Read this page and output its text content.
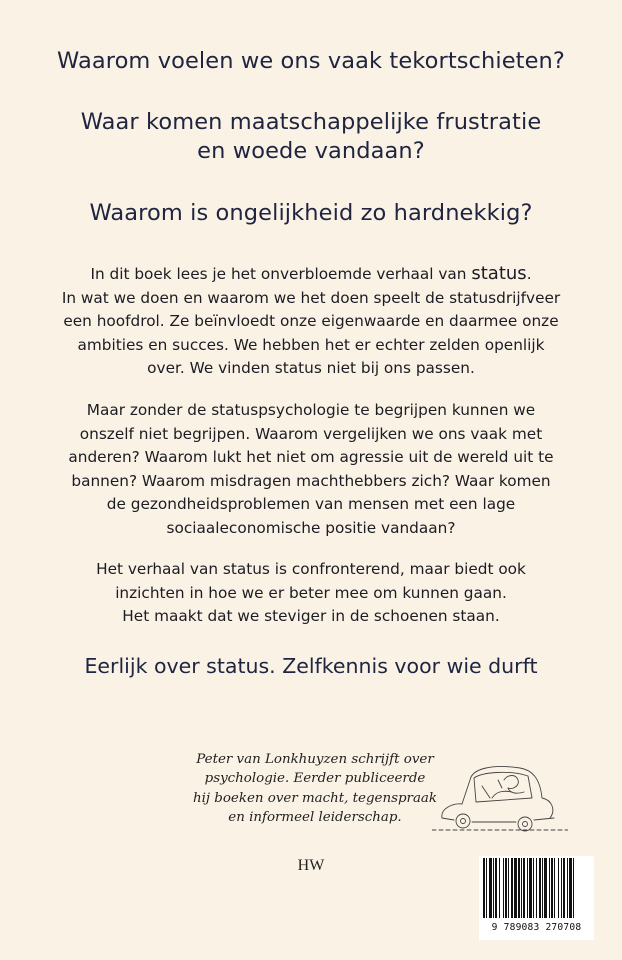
Waarom voelen we ons vaak tekortschieten?
Waar komen maatschappelijke frustratie
en woede vandaan?
Waarom is ongelijkheid zo hardnekkig?
In dit boek lees je het onverbloemde verhaal van status.
In wat we doen en waarom we het doen speelt de statusdrijfveer
een hoofdrol. Ze beïnvloedt onze eigenwaarde en daarmee onze
ambities en succes. We hebben het er echter zelden openlijk
over. We vinden status niet bij ons passen.
Maar zonder de statuspsychologie te begrijpen kunnen we
onszelf niet begrijpen. Waarom vergelijken we ons vaak met
anderen? Waarom lukt het niet om agressie uit de wereld uit te
bannen? Waarom misdragen machthebbers zich? Waar komen
de gezondheidsproblemen van mensen met een lage
sociaaleconomische positie vandaan?
Het verhaal van status is confronterend, maar biedt ook
inzichten in hoe we er beter mee om kunnen gaan.
Het maakt dat we steviger in de schoenen staan.
Eerlijk over status. Zelfkennis voor wie durft
Peter van Lonkhuyzen schrijft over
psychologie. Eerder publiceerde
hij boeken over macht, tegenspraak
en informeel leiderschap.
HW
9 789083 270708
